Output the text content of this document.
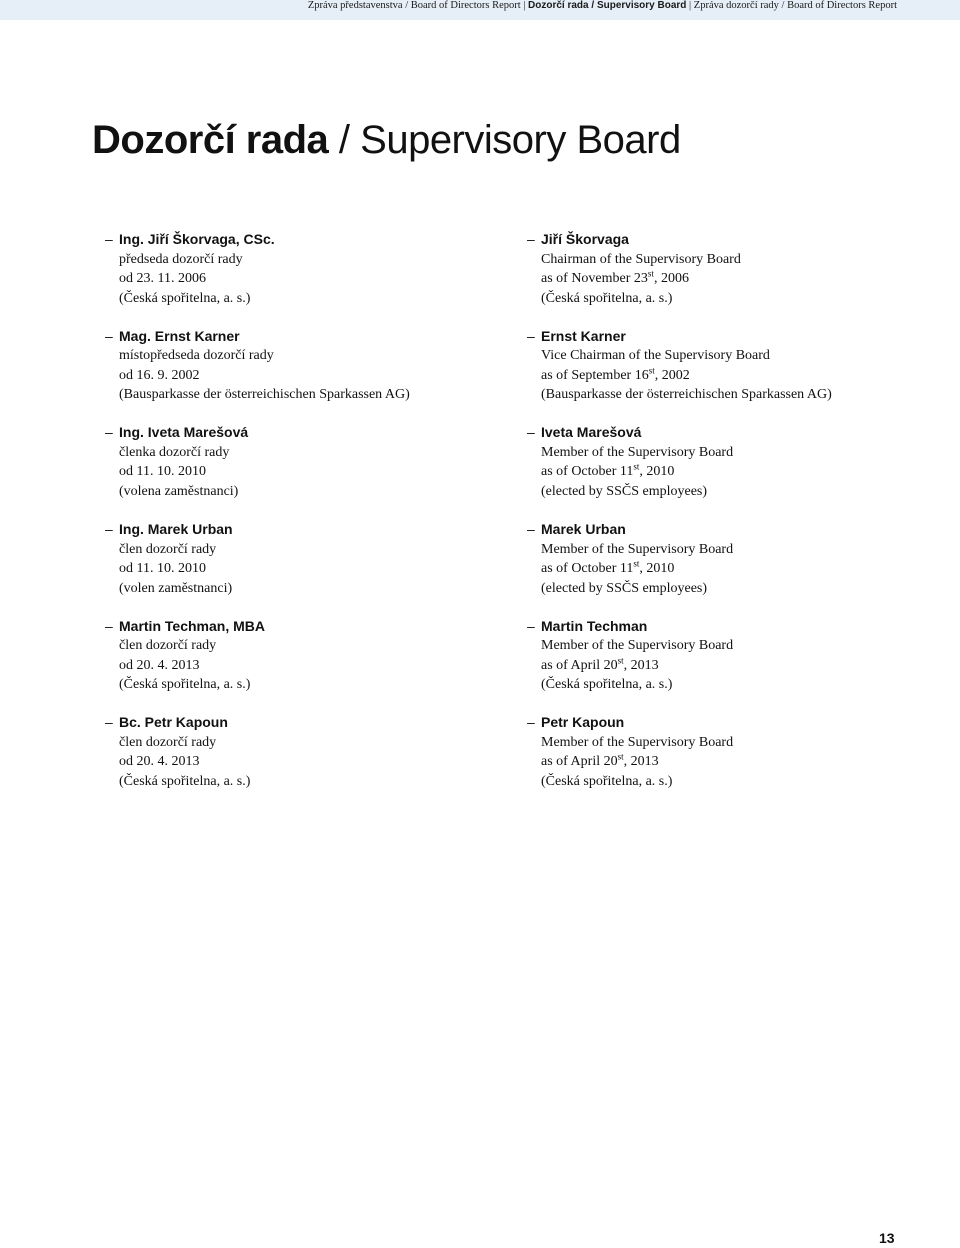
Zpráva představenstva / Board of Directors Report | Dozorčí rada / Supervisory Board | Zpráva dozorčí rady / Board of Directors Report
Dozorčí rada / Supervisory Board
– Ing. Jiří Škorvaga, CSc.
předseda dozorčí rady
od 23. 11. 2006
(Česká spořitelna, a. s.)
– Mag. Ernst Karner
místopředseda dozorčí rady
od 16. 9. 2002
(Bausparkasse der österreichischen Sparkassen AG)
– Ing. Iveta Marešová
členka dozorčí rady
od 11. 10. 2010
(volena zaměstnanci)
– Ing. Marek Urban
člen dozorčí rady
od 11. 10. 2010
(volen zaměstnanci)
– Martin Techman, MBA
člen dozorčí rady
od 20. 4. 2013
(Česká spořitelna, a. s.)
– Bc. Petr Kapoun
člen dozorčí rady
od 20. 4. 2013
(Česká spořitelna, a. s.)
– Jiří Škorvaga
Chairman of the Supervisory Board
as of November 23st, 2006
(Česká spořitelna, a. s.)
– Ernst Karner
Vice Chairman of the Supervisory Board
as of September 16st, 2002
(Bausparkasse der österreichischen Sparkassen AG)
– Iveta Marešová
Member of the Supervisory Board
as of October 11st, 2010
(elected by SSČS employees)
– Marek Urban
Member of the Supervisory Board
as of October 11st, 2010
(elected by SSČS employees)
– Martin Techman
Member of the Supervisory Board
as of April 20st, 2013
(Česká spořitelna, a. s.)
– Petr Kapoun
Member of the Supervisory Board
as of April 20st, 2013
(Česká spořitelna, a. s.)
13
